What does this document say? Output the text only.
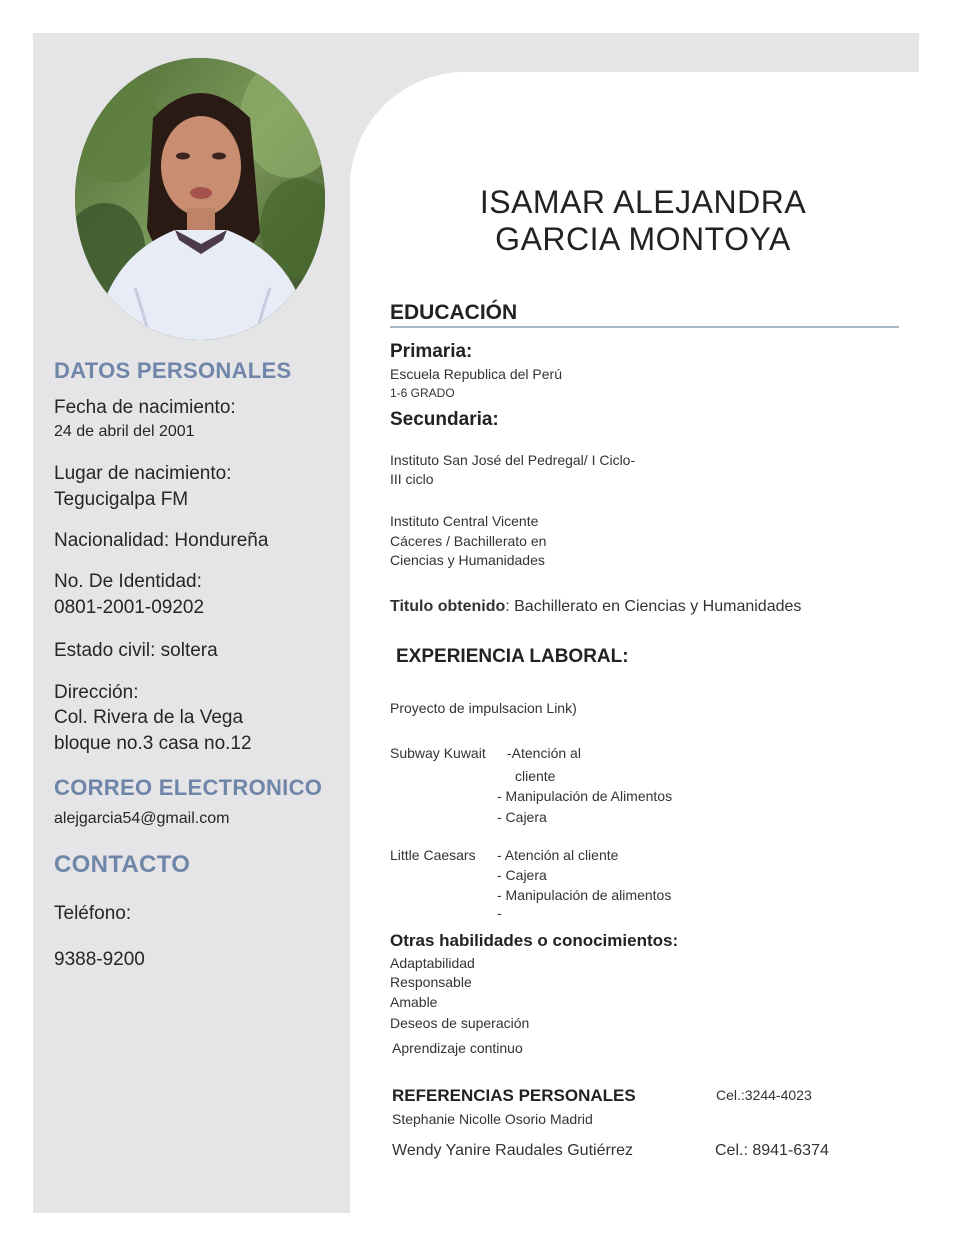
DATOS PERSONALES
Fecha de nacimiento:
24 de abril del 2001
Lugar de nacimiento:
Tegucigalpa FM
Nacionalidad: Hondureña
No. De Identidad:
0801-2001-09202
Estado civil: soltera
Dirección:
Col. Rivera de la Vega
bloque no.3 casa no.12
CORREO ELECTRONICO
alejgarcia54@gmail.com
CONTACTO
Teléfono:
9388-9200
ISAMAR ALEJANDRA
GARCIA MONTOYA
EDUCACIÓN
Primaria:
Escuela Republica del Perú
1-6 GRADO
Secundaria:
Instituto San José del Pedregal/ I Ciclo-
III ciclo
Instituto Central Vicente
Cáceres / Bachillerato en
Ciencias y Humanidades
Titulo obtenido: Bachillerato en Ciencias y Humanidades
EXPERIENCIA LABORAL:
Proyecto de impulsacion Link)
Subway Kuwait -Atención al
cliente
- Manipulación de Alimentos
- Cajera
Little Caesars - Atención al cliente
- Cajera
- Manipulación de alimentos
-
Otras habilidades o conocimientos:
Adaptabilidad
Responsable
Amable
Deseos de superación
Aprendizaje continuo
REFERENCIAS PERSONALES	Cel.:3244-4023
Stephanie Nicolle Osorio Madrid
Wendy Yanire Raudales Gutiérrez	Cel.: 8941-6374
